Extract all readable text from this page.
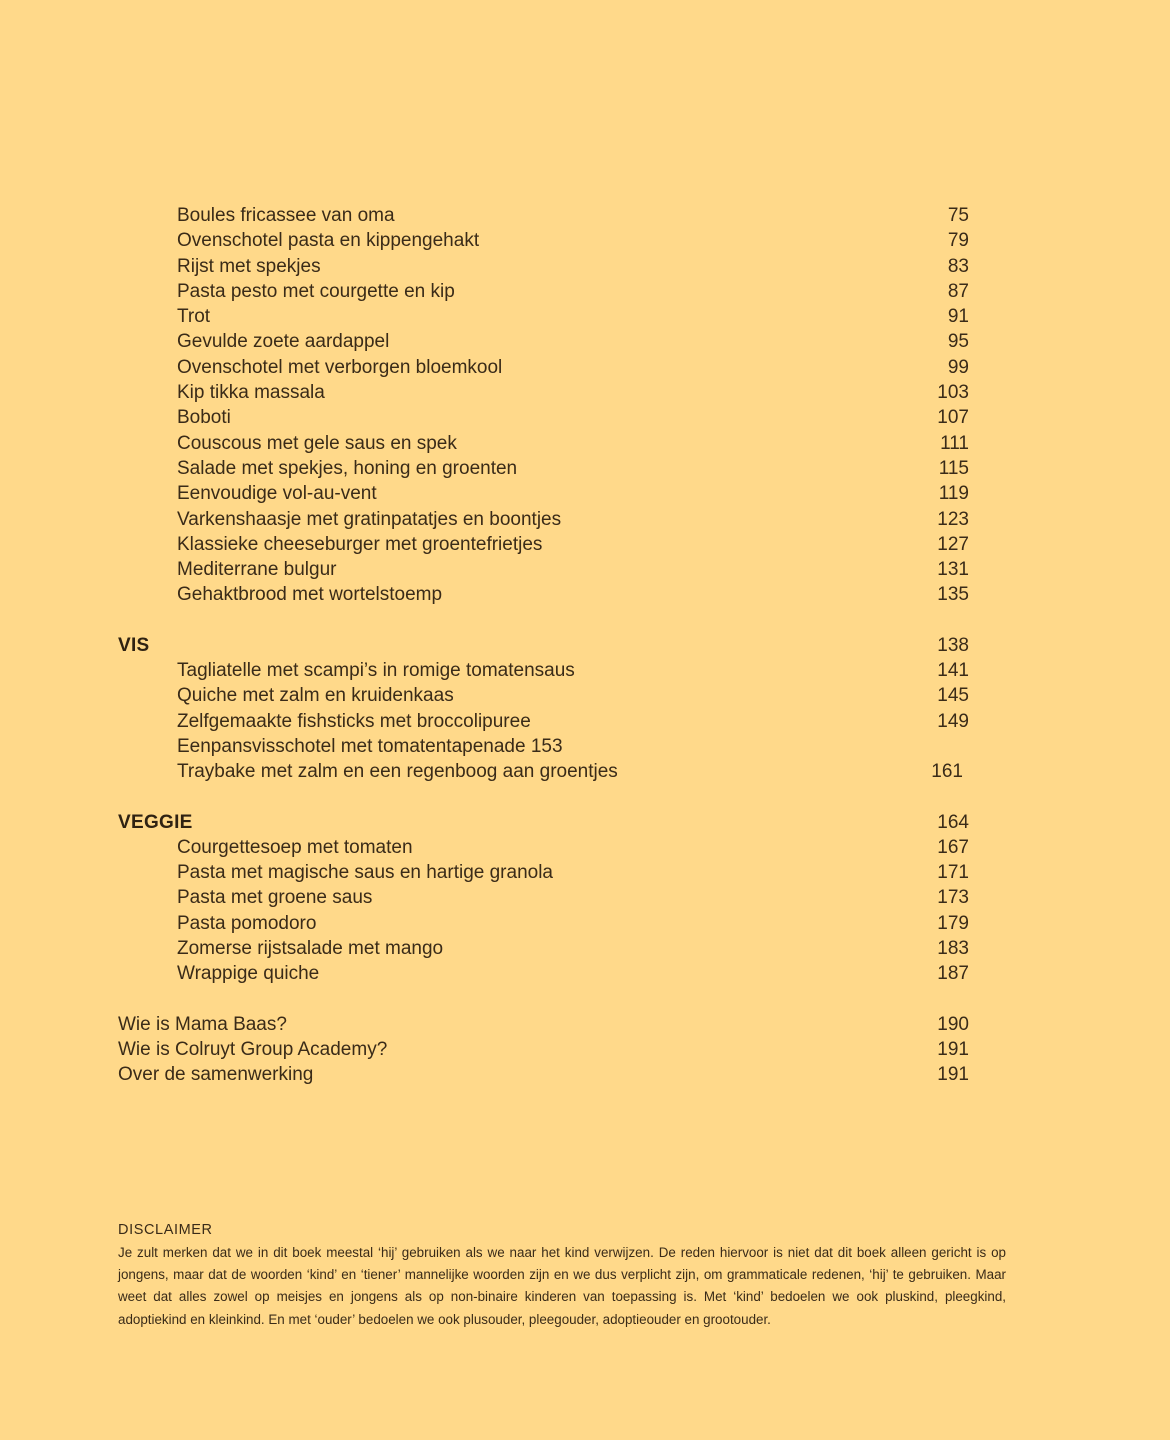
Boules fricassee van oma	75
Ovenschotel pasta en kippengehakt	79
Rijst met spekjes	83
Pasta pesto met courgette en kip	87
Trot	91
Gevulde zoete aardappel	95
Ovenschotel met verborgen bloemkool	99
Kip tikka massala	103
Boboti	107
Couscous met gele saus en spek	111
Salade met spekjes, honing en groenten	115
Eenvoudige vol-au-vent	119
Varkenshaasje met gratinpatatjes en boontjes	123
Klassieke cheeseburger met groentefrietjes	127
Mediterrane bulgur	131
Gehaktbrood met wortelstoemp	135
VIS	138
Tagliatelle met scampi’s in romige tomatensaus	141
Quiche met zalm en kruidenkaas	145
Zelfgemaakte fishsticks met broccolipuree	149
Eenpansvisschotel met tomatentapenade 153
Traybake met zalm en een regenboog aan groentjes	161
VEGGIE	164
Courgettesoep met tomaten	167
Pasta met magische saus en hartige granola	171
Pasta met groene saus	173
Pasta pomodoro	179
Zomerse rijstsalade met mango	183
Wrappige quiche	187
Wie is Mama Baas?	190
Wie is Colruyt Group Academy?	191
Over de samenwerking	191
DISCLAIMER
Je zult merken dat we in dit boek meestal ‘hij’ gebruiken als we naar het kind verwijzen. De reden hiervoor is niet dat dit boek alleen gericht is op jongens, maar dat de woorden ‘kind’ en ‘tiener’ mannelijke woorden zijn en we dus verplicht zijn, om grammaticale redenen, ‘hij’ te gebruiken. Maar weet dat alles zowel op meisjes en jongens als op non-binaire kinderen van toepassing is. Met ‘kind’ bedoelen we ook pluskind, pleegkind, adoptiekind en kleinkind. En met ‘ouder’ bedoelen we ook plusouder, pleegouder, adoptieouder en grootouder.
